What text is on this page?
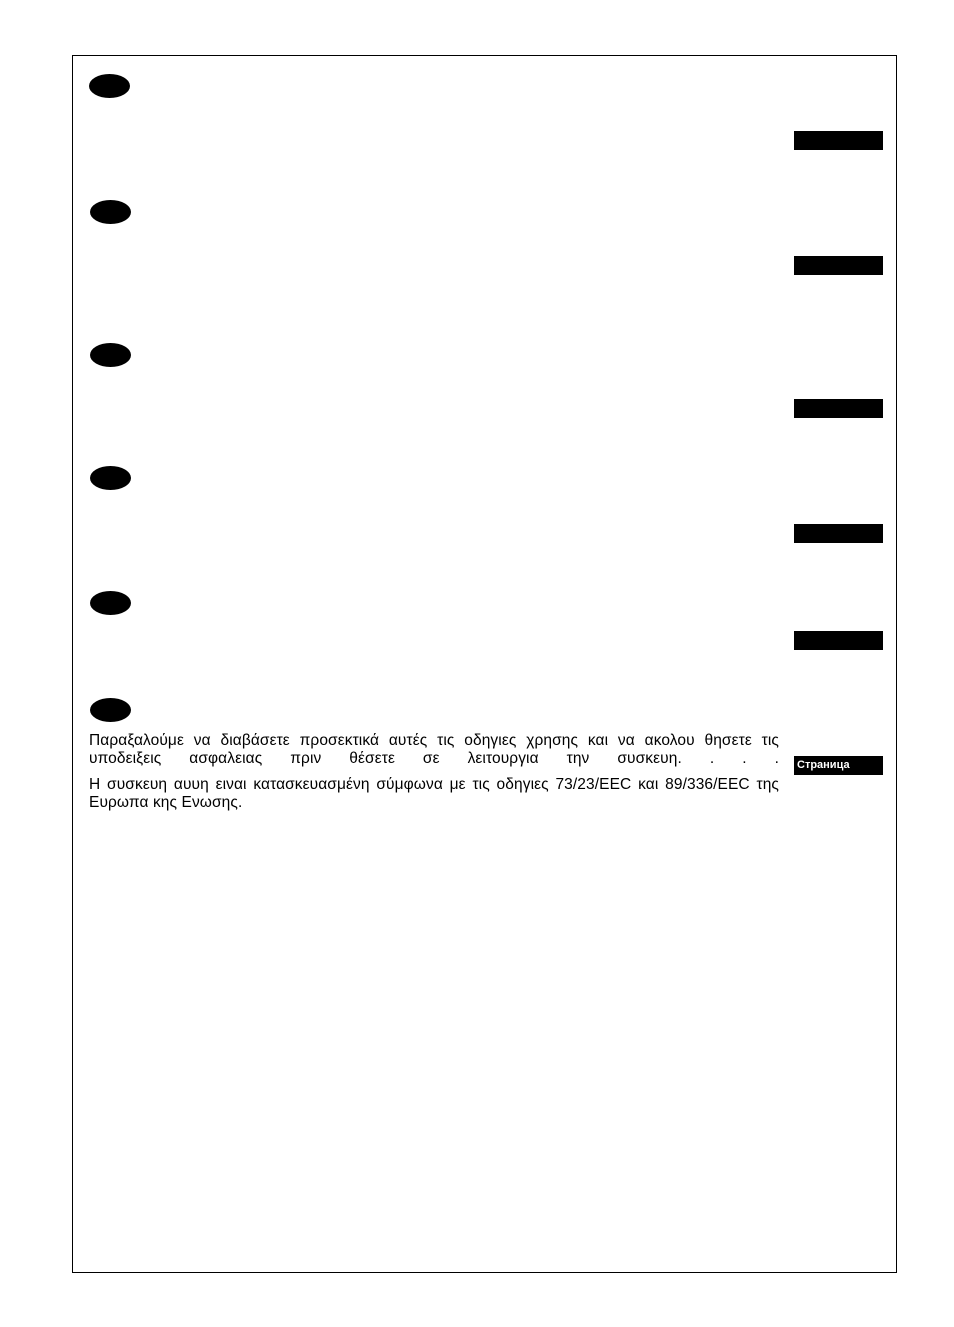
Страница
Παραξαλούμε να διαβάσετε προσεκτικά αυτές τις οδηγιες χρησης και να ακολου θησετε τις υποδειξεις ασφαλειας πριν θέσετε σε λειτουργια την συσκευη. . . .
Η συσκευη αυυη ειναι κατασκευασμένη σύμφωνα με τις οδηγιες 73/23/EEC και 89/336/EEC της Ευρωπα κης Ενωσης.
